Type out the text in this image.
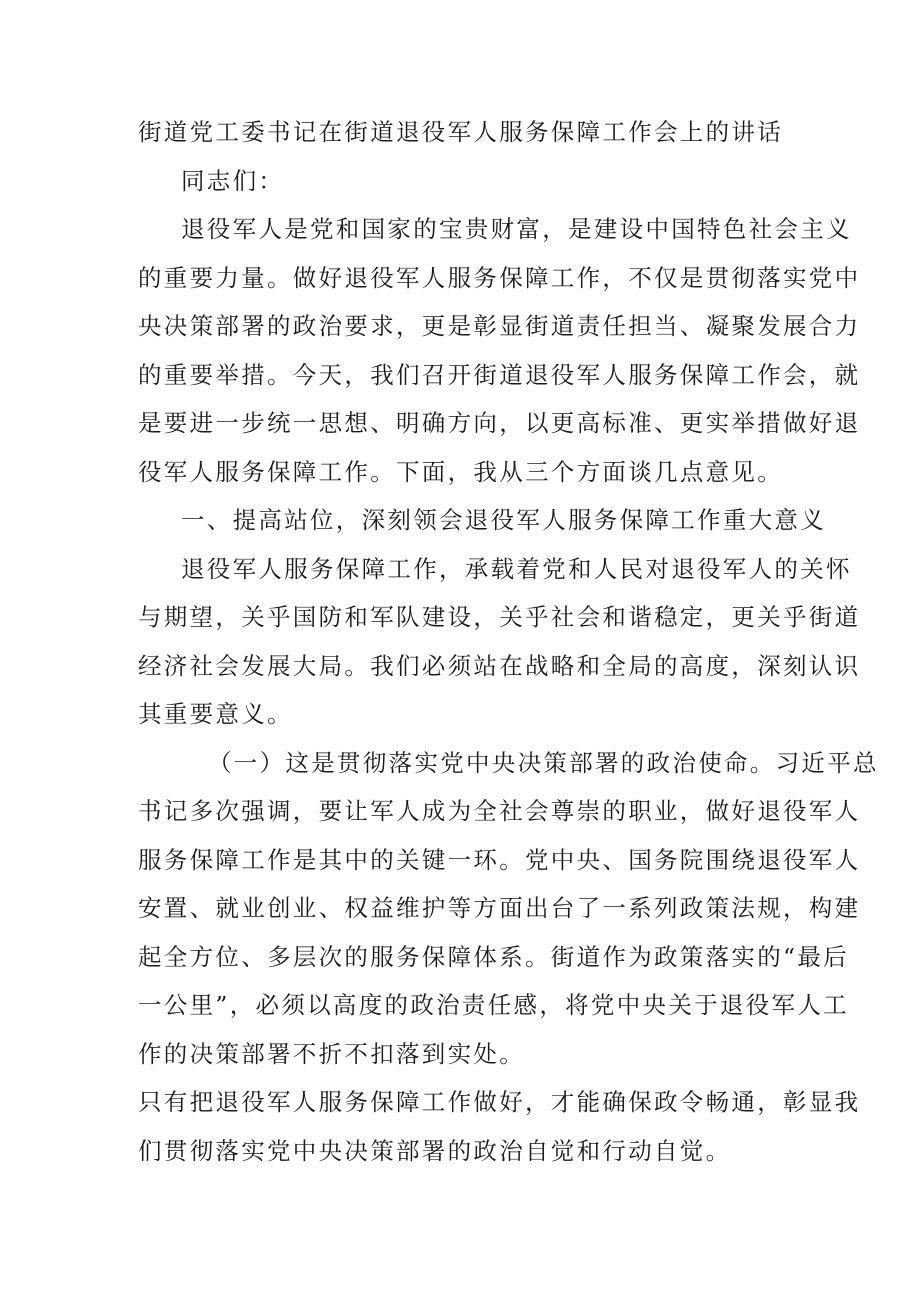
街道党工委书记在街道退役军人服务保障工作会上的讲话
同志们：
退役军人是党和国家的宝贵财富，是建设中国特色社会主义
的重要力量。做好退役军人服务保障工作，不仅是贯彻落实党中
央决策部署的政治要求，更是彰显街道责任担当、凝聚发展合力
的重要举措。今天，我们召开街道退役军人服务保障工作会，就
是要进一步统一思想、明确方向，以更高标准、更实举措做好退
役军人服务保障工作。下面，我从三个方面谈几点意见。
一、提高站位，深刻领会退役军人服务保障工作重大意义
退役军人服务保障工作，承载着党和人民对退役军人的关怀
与期望，关乎国防和军队建设，关乎社会和谐稳定，更关乎街道
经济社会发展大局。我们必须站在战略和全局的高度，深刻认识
其重要意义。
（一）这是贯彻落实党中央决策部署的政治使命。习近平总
书记多次强调，要让军人成为全社会尊崇的职业，做好退役军人
服务保障工作是其中的关键一环。党中央、国务院围绕退役军人
安置、就业创业、权益维护等方面出台了一系列政策法规，构建
起全方位、多层次的服务保障体系。街道作为政策落实的“最后
一公里”，必须以高度的政治责任感，将党中央关于退役军人工
作的决策部署不折不扣落到实处。
只有把退役军人服务保障工作做好，才能确保政令畅通，彰显我
们贯彻落实党中央决策部署的政治自觉和行动自觉。
